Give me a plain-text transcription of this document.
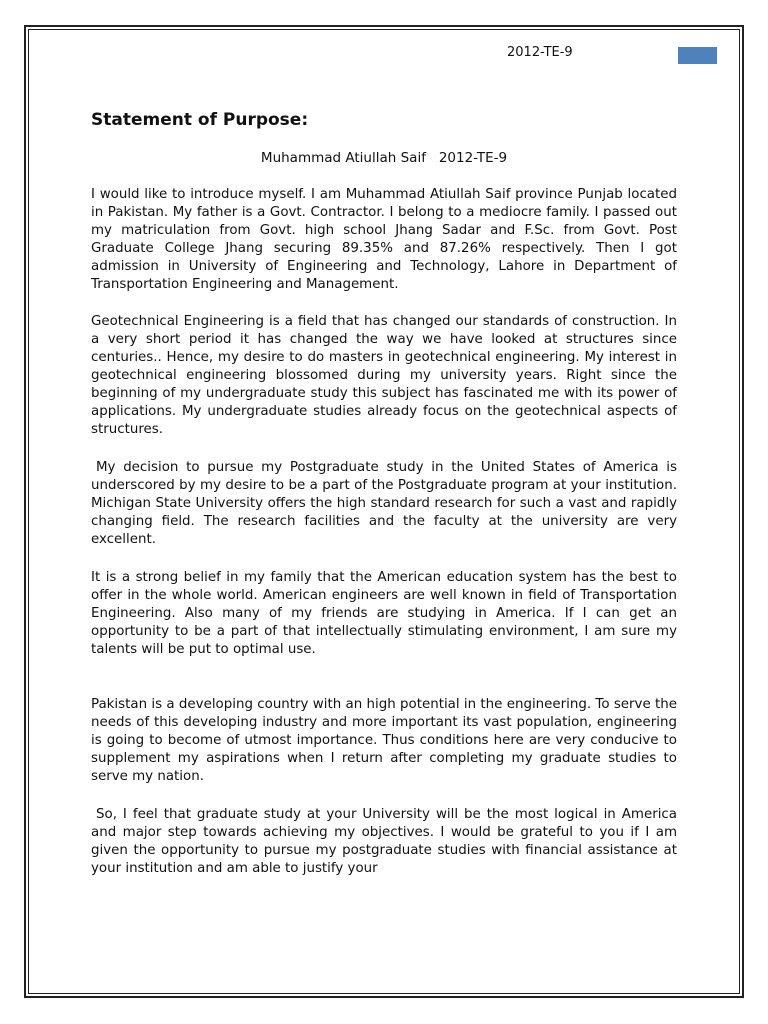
2012-TE-9
Statement of Purpose:
Muhammad Atiullah Saif   2012-TE-9

I would like to introduce myself. I am Muhammad Atiullah Saif province Punjab located in Pakistan. My father is a Govt. Contractor. I belong to a mediocre family. I passed out my matriculation from Govt. high school Jhang Sadar and F.Sc. from Govt. Post Graduate College Jhang securing 89.35% and 87.26% respectively. Then I got admission in University of Engineering and Technology, Lahore in Department of Transportation Engineering and Management.

Geotechnical Engineering is a field that has changed our standards of construction. In a very short period it has changed the way we have looked at structures since centuries.. Hence, my desire to do masters in geotechnical engineering. My interest in geotechnical engineering blossomed during my university years. Right since the beginning of my undergraduate study this subject has fascinated me with its power of applications. My undergraduate studies already focus on the geotechnical aspects of structures.

My decision to pursue my Postgraduate study in the United States of America is underscored by my desire to be a part of the Postgraduate program at your institution. Michigan State University offers the high standard research for such a vast and rapidly changing field. The research facilities and the faculty at the university are very excellent.

It is a strong belief in my family that the American education system has the best to offer in the whole world. American engineers are well known in field of Transportation Engineering. Also many of my friends are studying in America. If I can get an opportunity to be a part of that intellectually stimulating environment, I am sure my talents will be put to optimal use.

Pakistan is a developing country with an high potential in the engineering. To serve the needs of this developing industry and more important its vast population, engineering is going to become of utmost importance. Thus conditions here are very conducive to supplement my aspirations when I return after completing my graduate studies to serve my nation.

So, I feel that graduate study at your University will be the most logical in America and major step towards achieving my objectives. I would be grateful to you if I am given the opportunity to pursue my postgraduate studies with financial assistance at your institution and am able to justify your
